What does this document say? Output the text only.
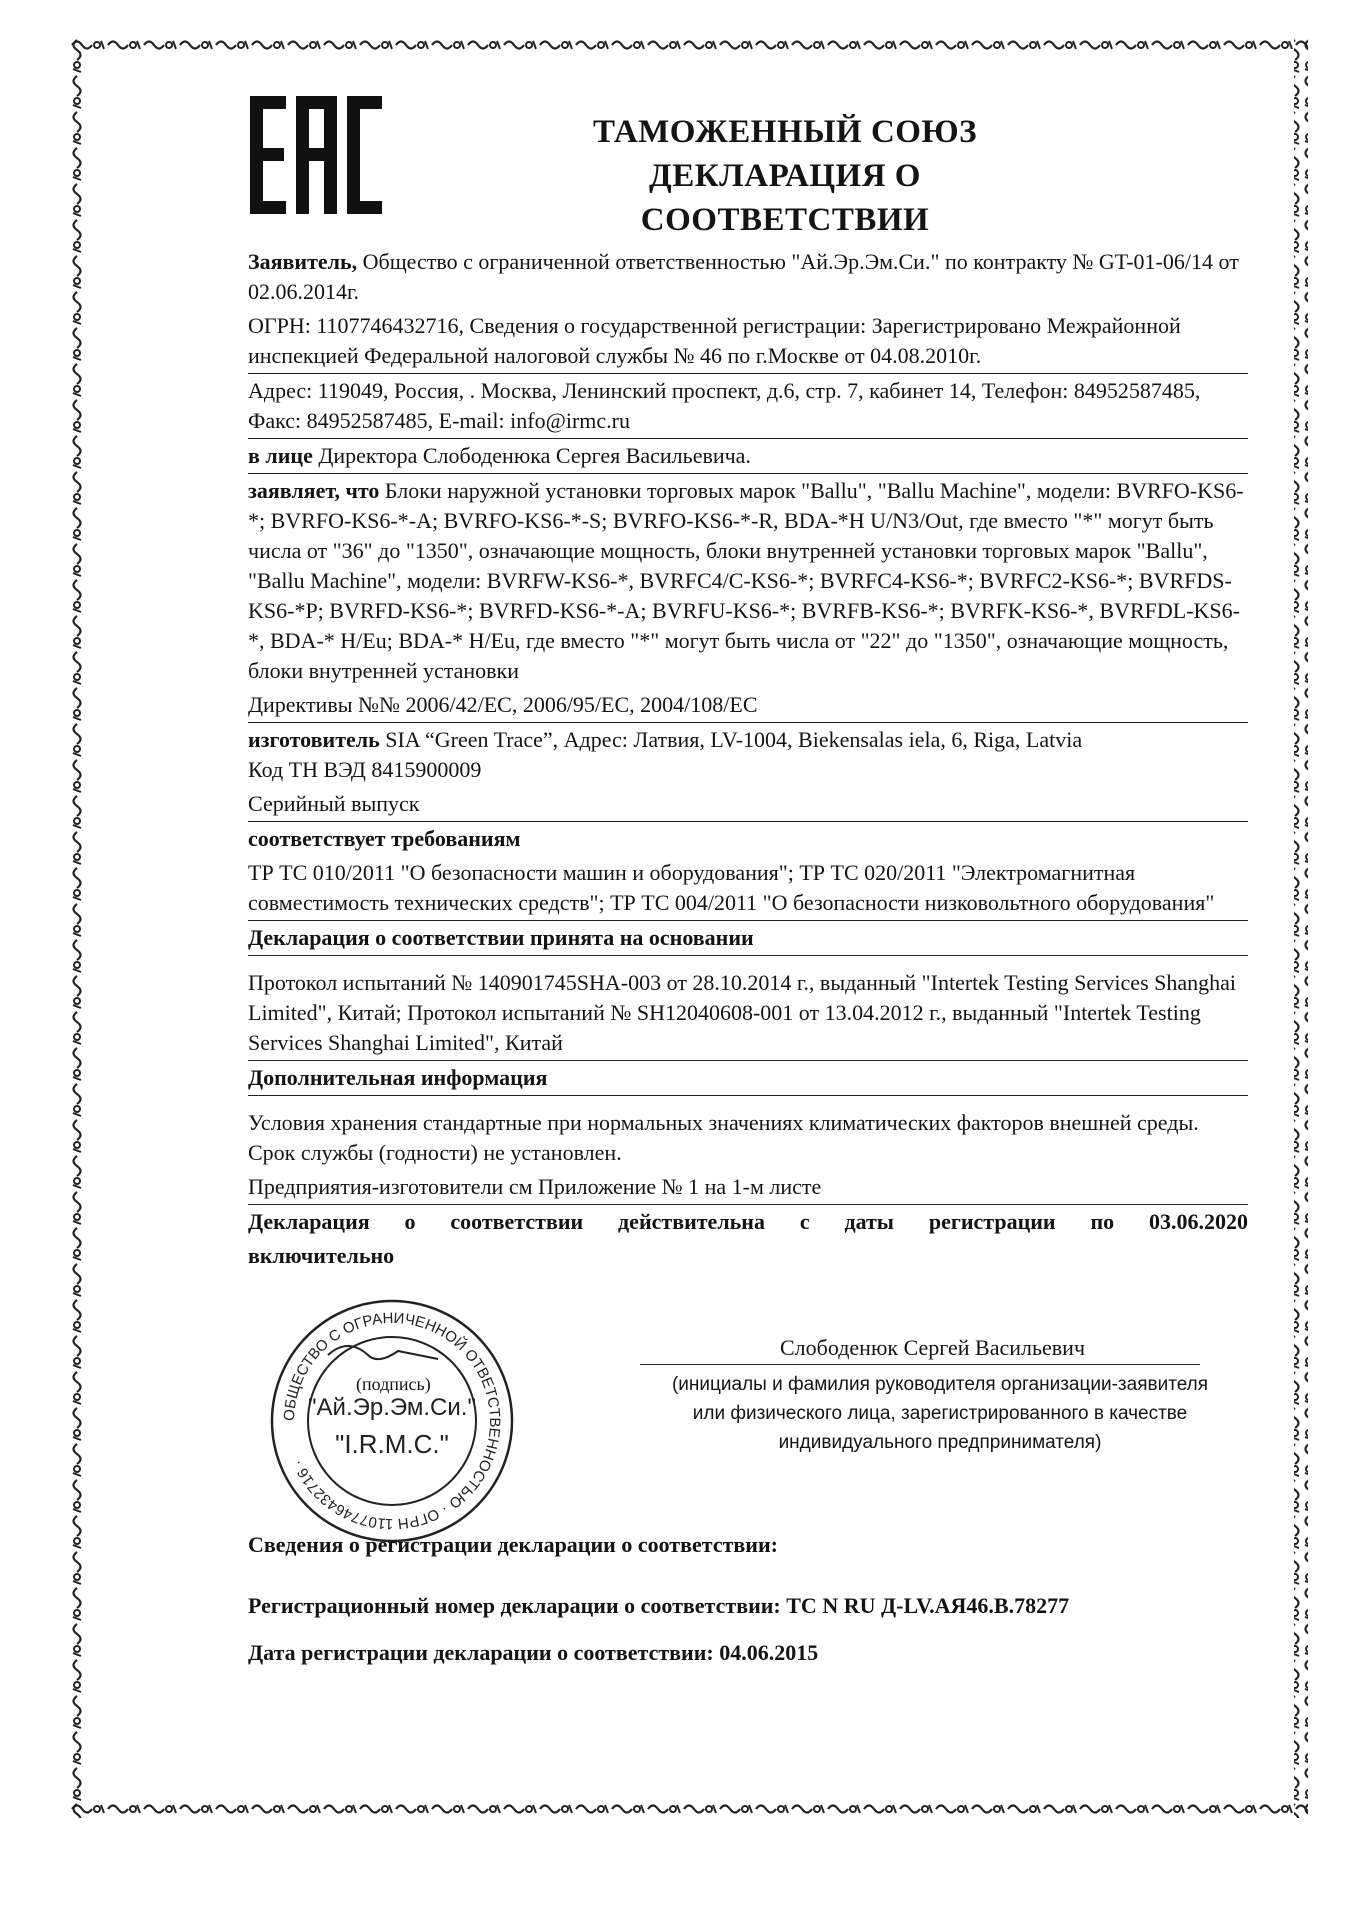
ТАМОЖЕННЫЙ СОЮЗ
ДЕКЛАРАЦИЯ О СООТВЕТСТВИИ
Заявитель, Общество с ограниченной ответственностью "Ай.Эр.Эм.Си." по контракту № GT-01-06/14 от 02.06.2014г.
ОГРН: 1107746432716, Сведения о государственной регистрации: Зарегистрировано Межрайонной инспекцией Федеральной налоговой службы № 46 по г.Москве от 04.08.2010г.
Адрес: 119049, Россия, . Москва, Ленинский проспект, д.6, стр. 7, кабинет 14, Телефон: 84952587485, Факс: 84952587485, E-mail: info@irmc.ru
в лице Директора Слободенюка Сергея Васильевича.
заявляет, что Блоки наружной установки торговых марок "Ballu", "Ballu Machine", модели: BVRFO-KS6-*; BVRFO-KS6-*-A; BVRFO-KS6-*-S; BVRFO-KS6-*-R, BDA-*H U/N3/Out, где вместо "*" могут быть числа от "36" до "1350", означающие мощность, блоки внутренней установки торговых марок "Ballu", "Ballu Machine", модели: BVRFW-KS6-*, BVRFC4/C-KS6-*; BVRFC4-KS6-*; BVRFC2-KS6-*; BVRFDS-KS6-*P; BVRFD-KS6-*; BVRFD-KS6-*-A; BVRFU-KS6-*; BVRFB-KS6-*; BVRFK-KS6-*, BVRFDL-KS6-*, BDA-* H/Eu; BDA-* H/Eu, где вместо "*" могут быть числа от "22" до "1350", означающие мощность, блоки внутренней установки
Директивы №№ 2006/42/EC, 2006/95/EC, 2004/108/EC
изготовитель SIA “Green Trace”, Адрес: Латвия, LV-1004, Biekensalas iela, 6, Riga, Latvia
Код ТН ВЭД 8415900009
Серийный выпуск
соответствует требованиям
ТР ТС 010/2011 "О безопасности машин и оборудования"; ТР ТС 020/2011 "Электромагнитная совместимость технических средств"; ТР ТС 004/2011 "О безопасности низковольтного оборудования"
Декларация о соответствии принята на основании
Протокол испытаний № 140901745SHA-003 от 28.10.2014 г., выданный "Intertek Testing Services Shanghai Limited", Китай; Протокол испытаний № SH12040608-001 от 13.04.2012 г., выданный "Intertek Testing Services Shanghai Limited", Китай
Дополнительная информация
Условия хранения стандартные при нормальных значениях климатических факторов внешней среды. Срок службы (годности) не установлен.
Предприятия-изготовители см Приложение № 1 на 1-м листе
Декларация о соответствии действительна с даты регистрации по 03.06.2020
включительно
ОБЩЕСТВО С ОГРАНИЧЕННОЙ ОТВЕТСТВЕННОСТЬЮ · ОГРН 1107746432716 ·
"Ай.Эр.Эм.Си."
"I.R.M.C."
(подпись)
Слободенюк Сергей Васильевич
(инициалы и фамилия руководителя организации-заявителя или физического лица, зарегистрированного в качестве индивидуального предпринимателя)
Сведения о регистрации декларации о соответствии:
Регистрационный номер декларации о соответствии: ТС N RU Д-LV.АЯ46.В.78277
Дата регистрации декларации о соответствии: 04.06.2015
